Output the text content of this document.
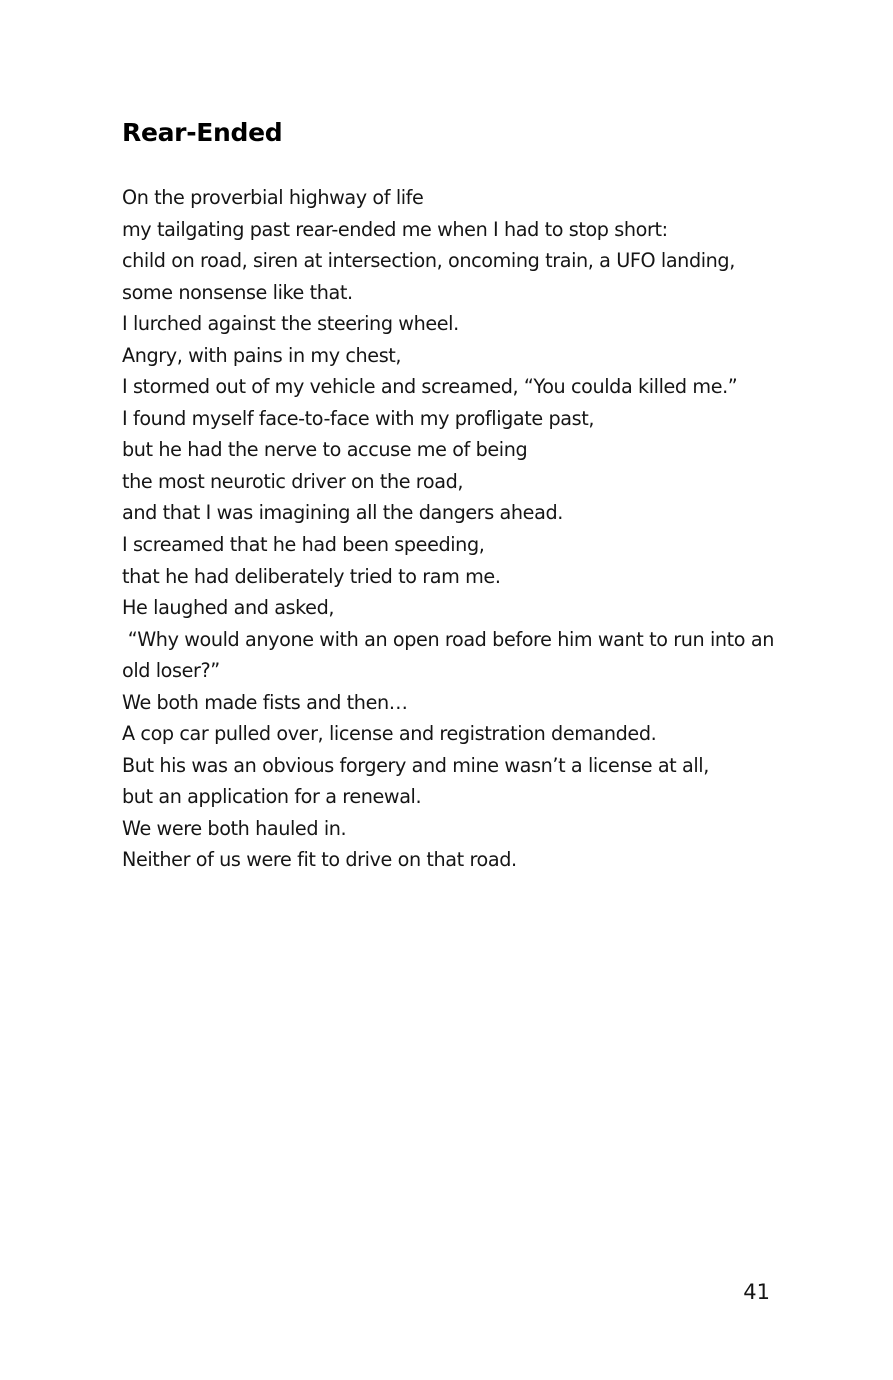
Rear-Ended
On the proverbial highway of life
my tailgating past rear-ended me when I had to stop short:
child on road, siren at intersection, oncoming train, a UFO landing,
some nonsense like that.
I lurched against the steering wheel.
Angry, with pains in my chest,
I stormed out of my vehicle and screamed, “You coulda killed me.”
I found myself face-to-face with my profligate past,
but he had the nerve to accuse me of being
the most neurotic driver on the road,
and that I was imagining all the dangers ahead.
I screamed that he had been speeding,
that he had deliberately tried to ram me.
He laughed and asked,
“Why would anyone with an open road before him want to run into an
old loser?”
We both made fists and then…
A cop car pulled over, license and registration demanded.
But his was an obvious forgery and mine wasn’t a license at all,
but an application for a renewal.
We were both hauled in.
Neither of us were fit to drive on that road.
41
